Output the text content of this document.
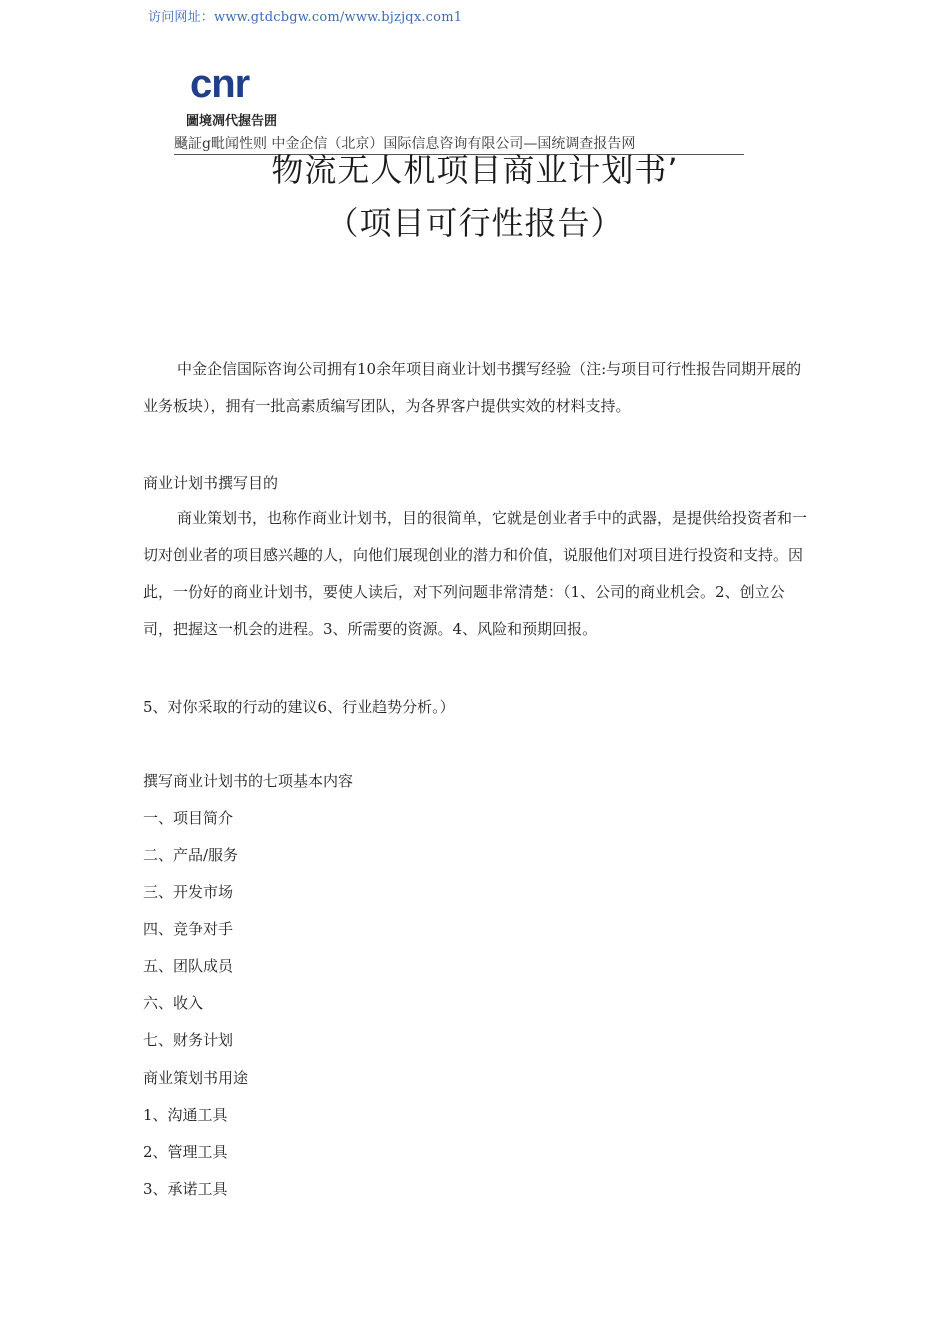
访问网址：www.gtdcbgw.com/www.bjzjqx.com1
cnr
圖境凋代握告囲
颾証g毗闻性则 中金企信（北京）国际信息咨询有限公司—国统调查报告网
物流无人机项目商业计划书’
（项目可行性报告）
中金企信国际咨询公司拥有10余年项目商业计划书撰写经验（注:与项目可行性报告同期开展的业务板块），拥有一批高素质编写团队，为各界客户提供实效的材料支持。
商业计划书撰写目的
商业策划书，也称作商业计划书，目的很简单，它就是创业者手中的武器，是提供给投资者和一切对创业者的项目感兴趣的人，向他们展现创业的潜力和价值，说服他们对项目进行投资和支持。因此，一份好的商业计划书，要使人读后，对下列问题非常清楚：（1、公司的商业机会。2、创立公司，把握这一机会的进程。3、所需要的资源。4、风险和预期回报。
5、对你采取的行动的建议6、行业趋势分析。）
撰写商业计划书的七项基本内容
一、项目简介
二、产品/服务
三、开发市场
四、竞争对手
五、团队成员
六、收入
七、财务计划
商业策划书用途
1、沟通工具
2、管理工具
3、承诺工具
